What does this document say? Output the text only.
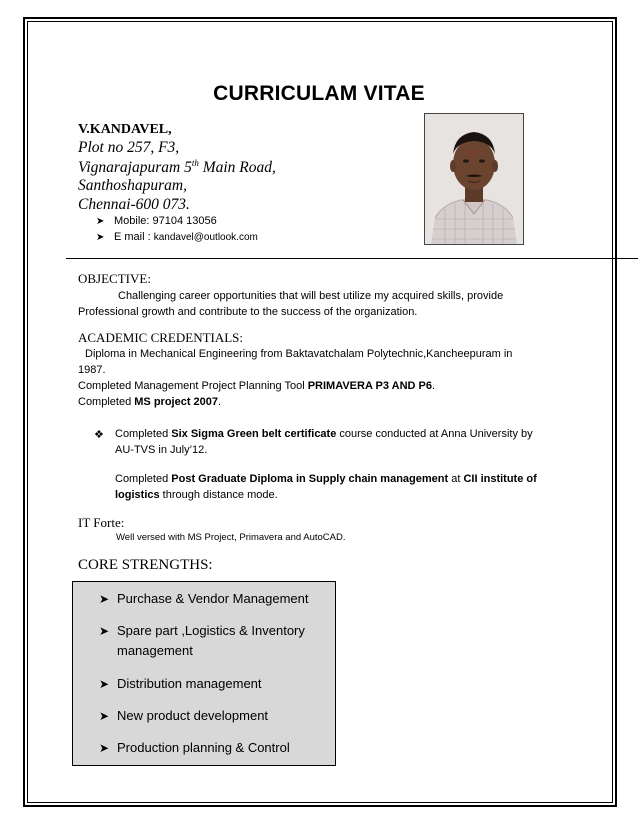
CURRICULAM VITAE
V.KANDAVEL,
Plot no 257, F3,
Vignarajapuram 5th Main Road,
Santhoshapuram,
Chennai-600 073.
➤ Mobile: 97104 13056
➤ E mail : kandavel@outlook.com
OBJECTIVE:
Challenging career opportunities that will best utilize my acquired skills, provide
Professional growth and contribute to the success of the organization.
ACADEMIC CREDENTIALS:
Diploma in Mechanical Engineering from Baktavatchalam Polytechnic,Kancheepuram in
1987.
Completed Management Project Planning Tool PRIMAVERA P3 AND P6.
Completed MS project 2007.
❖ Completed Six Sigma Green belt certificate course conducted at Anna University by
AU-TVS in July’12.
Completed Post Graduate Diploma in Supply chain management at CII institute of
logistics through distance mode.
IT Forte:
Well versed with MS Project, Primavera and AutoCAD.
CORE STRENGTHS:
➤ Purchase & Vendor Management
➤ Spare part ,Logistics & Inventory
management
➤ Distribution management
➤ New product development
➤ Production planning & Control
